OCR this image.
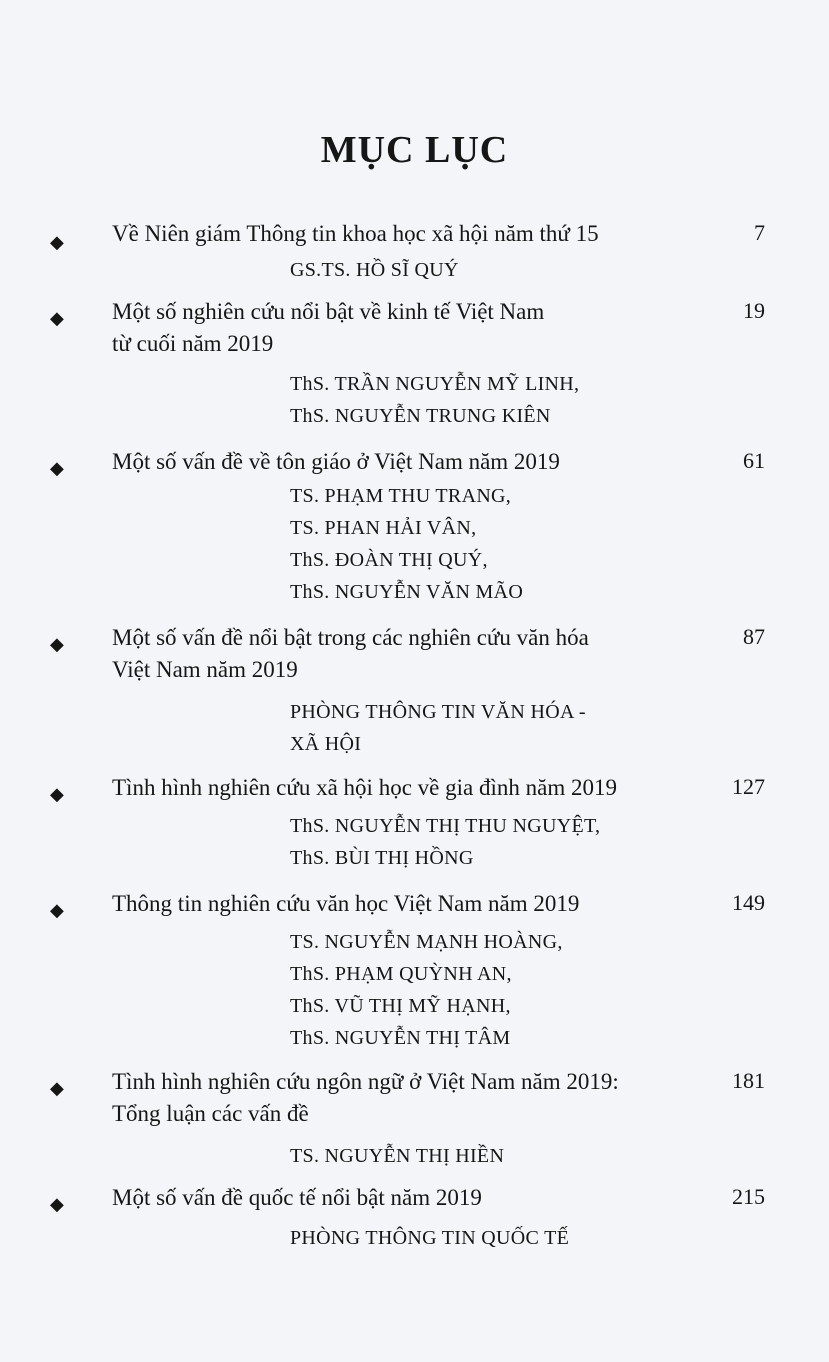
MỤC LỤC
◆ Về Niên giám Thông tin khoa học xã hội năm thứ 15	7
GS.TS. HỒ SĨ QUÝ
◆ Một số nghiên cứu nổi bật về kinh tế Việt Nam
từ cuối năm 2019
19
ThS. TRẦN NGUYỄN MỸ LINH,
ThS. NGUYỄN TRUNG KIÊN
◆ Một số vấn đề về tôn giáo ở Việt Nam năm 2019	61
TS. PHẠM THU TRANG,
TS. PHAN HẢI VÂN,
ThS. ĐOÀN THỊ QUÝ,
ThS. NGUYỄN VĂN MÃO
◆ Một số vấn đề nổi bật trong các nghiên cứu văn hóa
Việt Nam năm 2019
87
PHÒNG THÔNG TIN VĂN HÓA -
XÃ HỘI
◆ Tình hình nghiên cứu xã hội học về gia đình năm 2019	127
ThS. NGUYỄN THỊ THU NGUYỆT,
ThS. BÙI THỊ HỒNG
◆ Thông tin nghiên cứu văn học Việt Nam năm 2019	149
TS. NGUYỄN MẠNH HOÀNG,
ThS. PHẠM QUỲNH AN,
ThS. VŨ THỊ MỸ HẠNH,
ThS. NGUYỄN THỊ TÂM
◆ Tình hình nghiên cứu ngôn ngữ ở Việt Nam năm 2019:
Tổng luận các vấn đề
181
TS. NGUYỄN THỊ HIỀN
◆ Một số vấn đề quốc tế nổi bật năm 2019	215
PHÒNG THÔNG TIN QUỐC TẾ
